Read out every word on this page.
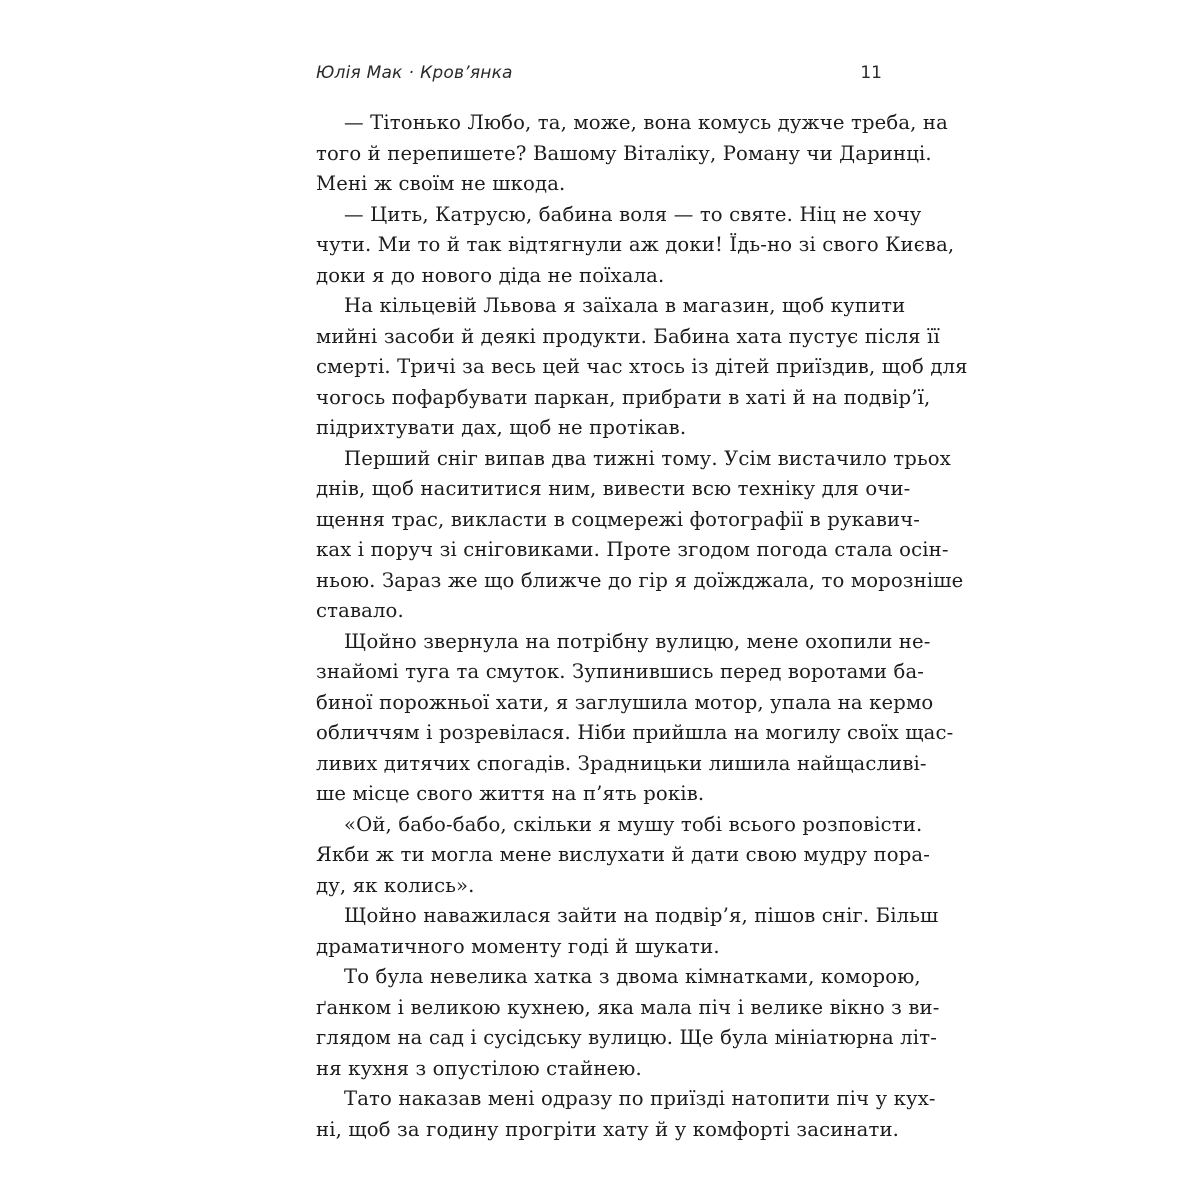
Юлія Мак · Кров’янка	11
— Тітонько Любо, та, може, вона комусь дужче треба, на
того й перепишете? Вашому Віталіку, Роману чи Даринці.
Мені ж своїм не шкода.
— Цить, Катрусю, бабина воля — то святе. Ніц не хочу
чути. Ми то й так відтягнули аж доки! Їдь-но зі свого Києва,
доки я до нового діда не поїхала.
На кільцевій Львова я заїхала в магазин, щоб купити
мийні засоби й деякі продукти. Бабина хата пустує після її
смерті. Тричі за весь цей час хтось із дітей приїздив, щоб для
чогось пофарбувати паркан, прибрати в хаті й на подвір’ї,
підрихтувати дах, щоб не протікав.
Перший сніг випав два тижні тому. Усім вистачило трьох
днів, щоб насититися ним, вивести всю техніку для очи-
щення трас, викласти в соцмережі фотографії в рукавич-
ках і поруч зі сніговиками. Проте згодом погода стала осін-
ньою. Зараз же що ближче до гір я доїжджала, то морозніше
ставало.
Щойно звернула на потрібну вулицю, мене охопили не-
знайомі туга та смуток. Зупинившись перед воротами ба-
биної порожньої хати, я заглушила мотор, упала на кермо
обличчям і розревілася. Ніби прийшла на могилу своїх щас-
ливих дитячих спогадів. Зрадницьки лишила найщасливі-
ше місце свого життя на п’ять років.
«Ой, бабо-бабо, скільки я мушу тобі всього розповісти.
Якби ж ти могла мене вислухати й дати свою мудру пора-
ду, як колись».
Щойно наважилася зайти на подвір’я, пішов сніг. Більш
драматичного моменту годі й шукати.
То була невелика хатка з двома кімнатками, коморою,
ґанком і великою кухнею, яка мала піч і велике вікно з ви-
глядом на сад і сусідську вулицю. Ще була мініатюрна літ-
ня кухня з опустілою стайнею.
Тато наказав мені одразу по приїзді натопити піч у кух-
ні, щоб за годину прогріти хату й у комфорті засинати.
